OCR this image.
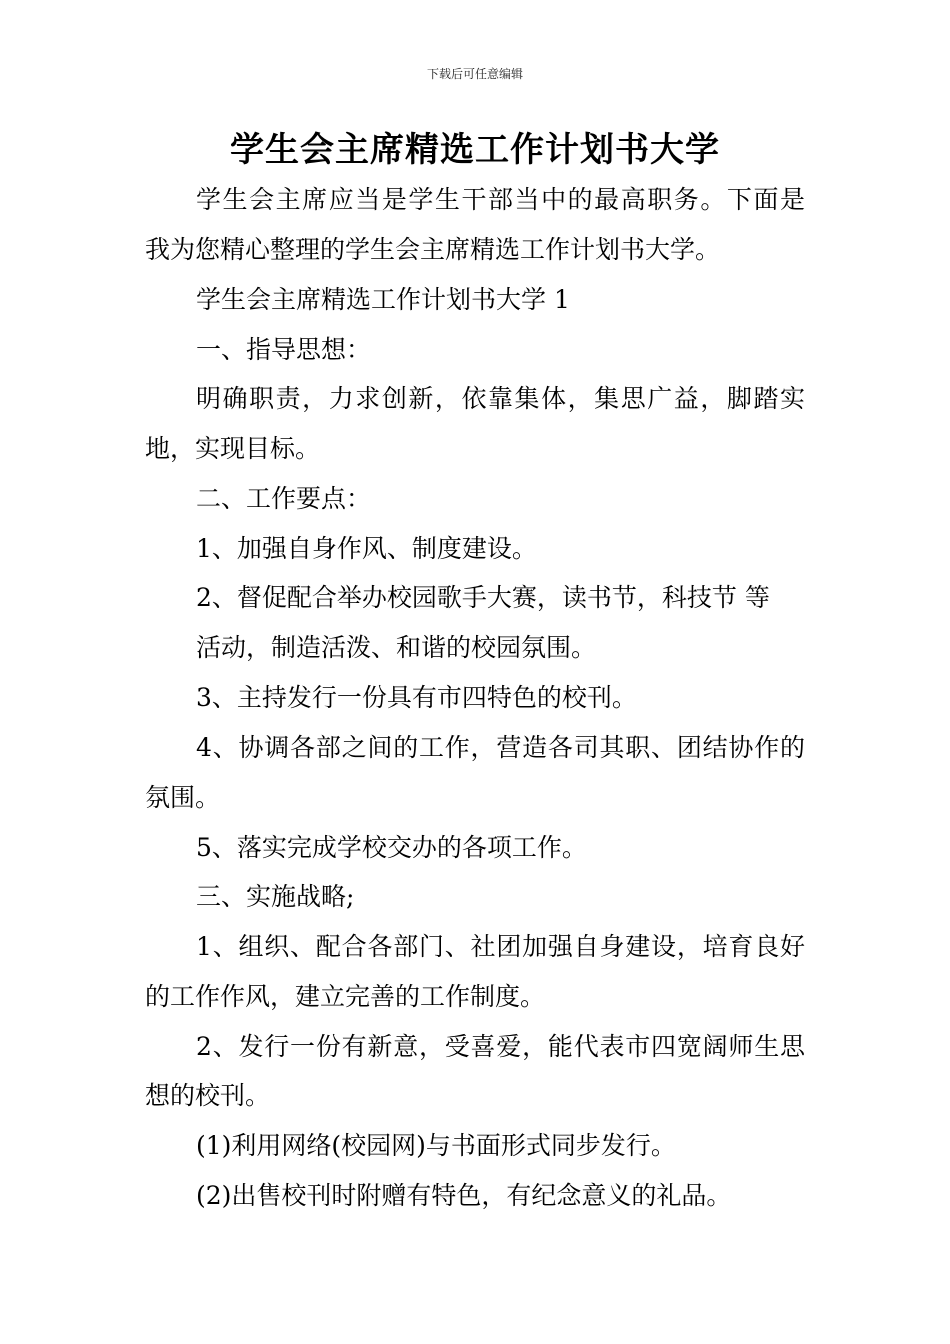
下载后可任意编辑
学生会主席精选工作计划书大学
学生会主席应当是学生干部当中的最高职务。下面是
我为您精心整理的学生会主席精选工作计划书大学。
学生会主席精选工作计划书大学 1
一、指导思想：
明确职责，力求创新，依靠集体，集思广益，脚踏实
地，实现目标。
二、工作要点：
1、加强自身作风、制度建设。
2、督促配合举办校园歌手大赛，读书节，科技节 等
活动，制造活泼、和谐的校园氛围。
3、主持发行一份具有市四特色的校刊。
4、协调各部之间的工作，营造各司其职、团结协作的
氛围。
5、落实完成学校交办的各项工作。
三、实施战略;
1、组织、配合各部门、社团加强自身建设，培育良好
的工作作风，建立完善的工作制度。
2、发行一份有新意，受喜爱，能代表市四宽阔师生思
想的校刊。
(1)利用网络(校园网)与书面形式同步发行。
(2)出售校刊时附赠有特色，有纪念意义的礼品。
